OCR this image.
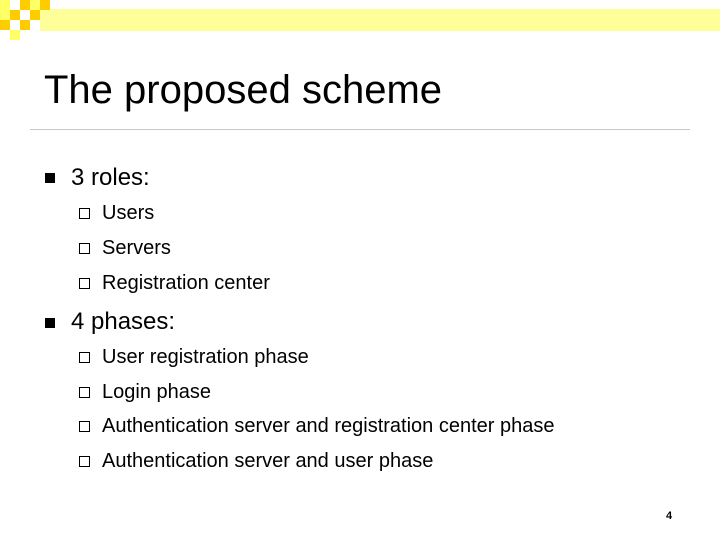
The proposed scheme
3 roles:
Users
Servers
Registration center
4 phases:
User registration phase
Login phase
Authentication server and registration center phase
Authentication server and user phase
4
